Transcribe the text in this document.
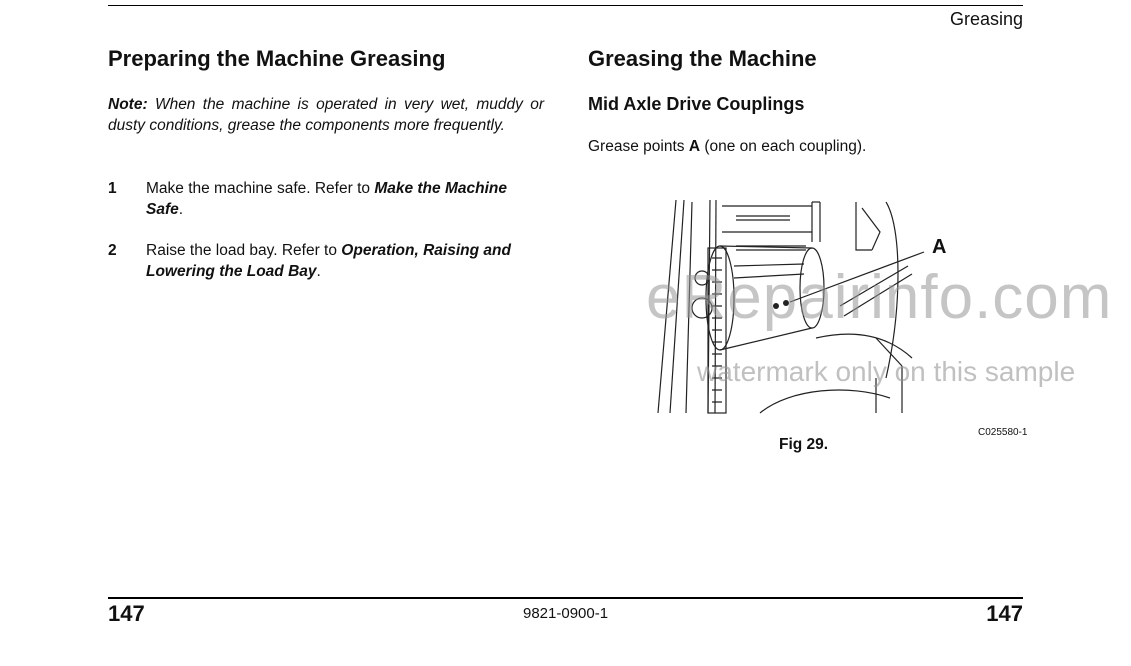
Greasing
Preparing the Machine Greasing
Note: When the machine is operated in very wet, muddy or dusty conditions, grease the components more frequently.
1 Make the machine safe. Refer to Make the Machine Safe.
2 Raise the load bay. Refer to Operation, Raising and Lowering the Load Bay.
Greasing the Machine
Mid Axle Drive Couplings
Grease points A (one on each coupling).
A
C025580-1
Fig 29.
eRepairinfo.com
watermark only on this sample
147	9821-0900-1	147
